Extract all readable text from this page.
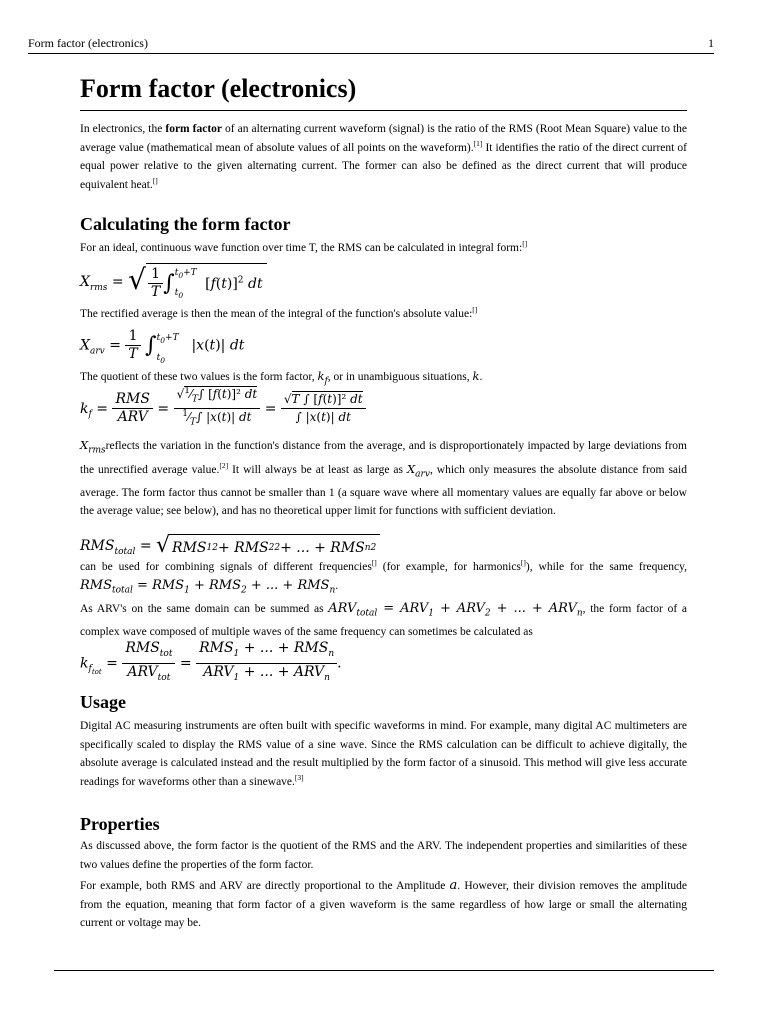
Form factor (electronics)	1
Form factor (electronics)

In electronics, the form factor of an alternating current waveform (signal) is the ratio of the RMS (Root Mean Square) value to the average value (mathematical mean of absolute values of all points on the waveform).[1] It identifies the ratio of the direct current of equal power relative to the given alternating current. The former can also be defined as the direct current that will produce equivalent heat.[]

Calculating the form factor

For an ideal, continuous wave function over time T, the RMS can be calculated in integral form:[]

$X_{rms}$ = √ $\frac{1}{T}$ ∫ $t_0+T$
$t_0$
$[f(t)]^2$ dt

The rectified average is then the mean of the integral of the function's absolute value:[]

$X_{arv} = \frac{1}{T} \int^{t_0+T}_{t_0}$ |x(t)| dt

The quotient of these two values is the form factor, $k_f$, or in unambiguous situations, k.

$k_f = \frac{\text{RMS}}{\text{ARV}} = \frac{√^1⁄_T\int [f(t)]^2 dt}{^1⁄_T\int |x(t)| dt} = \frac{\text{√T ∫ [f(t)]² dt}}{\int |x(t)| dt}$

$X_{rms}reflects$ the variation in the function's distance from the average, and is disproportionately impacted by large deviations from the unrectified average value.[2] It will always be at least as large as $X_{arv}$, which only measures the absolute distance from said average. The form factor thus cannot be smaller than 1 (a square wave where all momentary values are equally far above or below the average value; see below), and has no theoretical upper limit for functions with sufficient deviation.

$RMS_{total}$ = √ RMS 1 2 + RMS 2 2 + ... + RMS n 2

can be used for combining signals of different frequencies[] (for example, for harmonics[]), while for the same frequency, $RMS_{total} = RMS_1 + RMS_2$ + ... + $RMS_n$.

As ARV's on the same domain can be summed as $ARV_{total} = ARV_1 + ARV_2$ + ... + $ARV_n$, the form factor of a complex wave composed of multiple waves of the same frequency can sometimes be calculated as

$k_{f_{tot}} = \frac{RMS_{tot}}{ARV_{tot}} = \frac{RMS_1 + ... + RMS_n}{ARV_1 + ... + ARV_n}$ .
Usage

Digital AC measuring instruments are often built with specific waveforms in mind. For example, many digital AC multimeters are specifically scaled to display the RMS value of a sine wave. Since the RMS calculation can be difficult to achieve digitally, the absolute average is calculated instead and the result multiplied by the form factor of a sinusoid. This method will give less accurate readings for waveforms other than a sinewave.[3]

Properties

As discussed above, the form factor is the quotient of the RMS and the ARV. The independent properties and similarities of these two values define the properties of the form factor.

For example, both RMS and ARV are directly proportional to the Amplitude a. However, their division removes the amplitude from the equation, meaning that form factor of a given waveform is the same regardless of how large or small the alternating current or voltage may be.
